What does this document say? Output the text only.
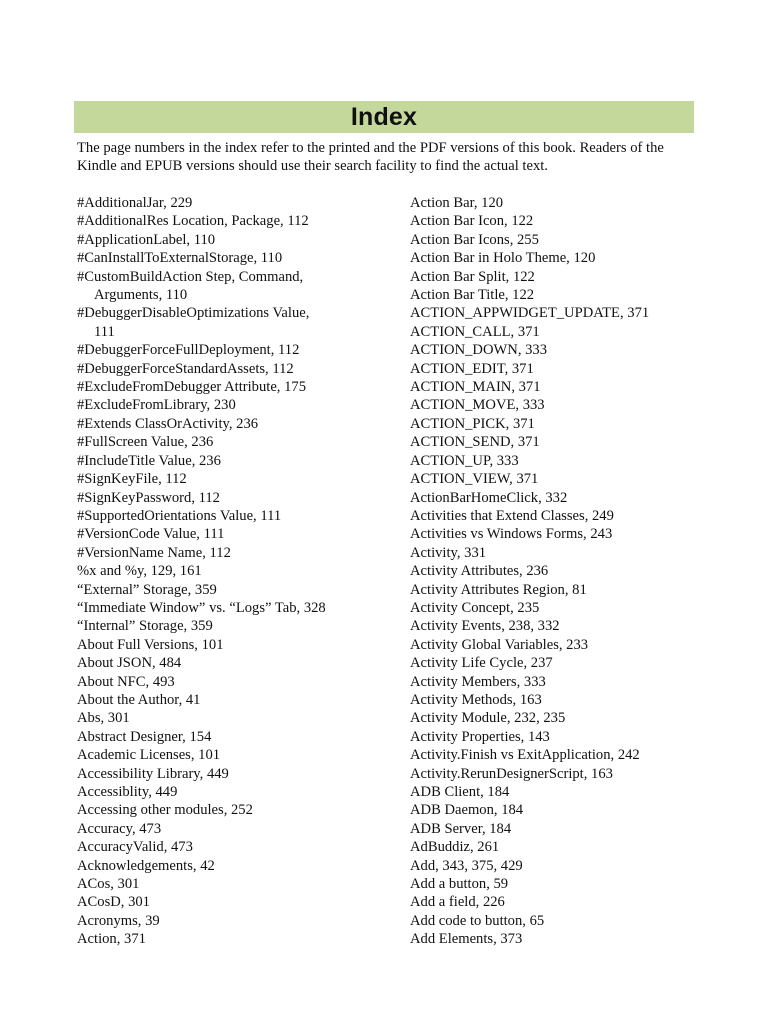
Index
The page numbers in the index refer to the printed and the PDF versions of this book. Readers of the Kindle and EPUB versions should use their search facility to find the actual text.
#AdditionalJar, 229
#AdditionalRes Location, Package, 112
#ApplicationLabel, 110
#CanInstallToExternalStorage, 110
#CustomBuildAction Step, Command,
Arguments, 110
#DebuggerDisableOptimizations Value,
111
#DebuggerForceFullDeployment, 112
#DebuggerForceStandardAssets, 112
#ExcludeFromDebugger Attribute, 175
#ExcludeFromLibrary, 230
#Extends ClassOrActivity, 236
#FullScreen Value, 236
#IncludeTitle Value, 236
#SignKeyFile, 112
#SignKeyPassword, 112
#SupportedOrientations Value, 111
#VersionCode Value, 111
#VersionName Name, 112
%x and %y, 129, 161
“External” Storage, 359
“Immediate Window” vs. “Logs” Tab, 328
“Internal” Storage, 359
About Full Versions, 101
About JSON, 484
About NFC, 493
About the Author, 41
Abs, 301
Abstract Designer, 154
Academic Licenses, 101
Accessibility Library, 449
Accessiblity, 449
Accessing other modules, 252
Accuracy, 473
AccuracyValid, 473
Acknowledgements, 42
ACos, 301
ACosD, 301
Acronyms, 39
Action, 371
Action Bar, 120
Action Bar Icon, 122
Action Bar Icons, 255
Action Bar in Holo Theme, 120
Action Bar Split, 122
Action Bar Title, 122
ACTION_APPWIDGET_UPDATE, 371
ACTION_CALL, 371
ACTION_DOWN, 333
ACTION_EDIT, 371
ACTION_MAIN, 371
ACTION_MOVE, 333
ACTION_PICK, 371
ACTION_SEND, 371
ACTION_UP, 333
ACTION_VIEW, 371
ActionBarHomeClick, 332
Activities that Extend Classes, 249
Activities vs Windows Forms, 243
Activity, 331
Activity Attributes, 236
Activity Attributes Region, 81
Activity Concept, 235
Activity Events, 238, 332
Activity Global Variables, 233
Activity Life Cycle, 237
Activity Members, 333
Activity Methods, 163
Activity Module, 232, 235
Activity Properties, 143
Activity.Finish vs ExitApplication, 242
Activity.RerunDesignerScript, 163
ADB Client, 184
ADB Daemon, 184
ADB Server, 184
AdBuddiz, 261
Add, 343, 375, 429
Add a button, 59
Add a field, 226
Add code to button, 65
Add Elements, 373
